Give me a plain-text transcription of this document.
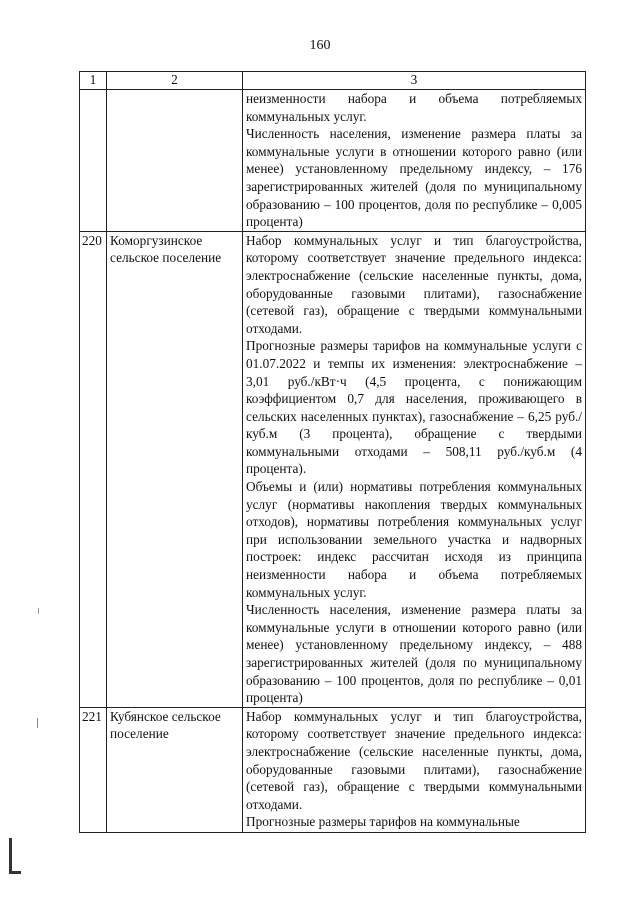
160
1	2	3

		неизменности набора и объема потребляемых коммунальных услуг.
Численность населения, изменение размера платы за коммунальные услуги в отношении которого равно (или менее) установленному предельному индексу, – 176 зарегистрированных жителей (доля по муниципальному образованию – 100 процентов, доля по республике – 0,005 процента)

220	Коморгузинское сельское поселение	Набор коммунальных услуг и тип благоустройства, которому соответствует значение предельного индекса: электроснабжение (сельские населенные пункты, дома, оборудованные газовыми плитами), газоснабжение (сетевой газ), обращение с твердыми коммунальными отходами.
Прогнозные размеры тарифов на коммунальные услуги с 01.07.2022 и темпы их изменения: электроснабжение – 3,01 руб./кВт·ч (4,5 процента, с понижающим коэффициентом 0,7 для населения, проживающего в сельских населенных пунктах), газоснабжение – 6,25 руб./куб.м (3 процента), обращение с твердыми коммунальными отходами – 508,11 руб./куб.м (4 процента).
Объемы и (или) нормативы потребления коммунальных услуг (нормативы накопления твердых коммунальных отходов), нормативы потребления коммунальных услуг при использовании земельного участка и надворных построек: индекс рассчитан исходя из принципа неизменности набора и объема потребляемых коммунальных услуг.
Численность населения, изменение размера платы за коммунальные услуги в отношении которого равно (или менее) установленному предельному индексу, – 488 зарегистрированных жителей (доля по муниципальному образованию – 100 процентов, доля по республике – 0,01 процента)

221	Кубянское сельское поселение	Набор коммунальных услуг и тип благоустройства, которому соответствует значение предельного индекса: электроснабжение (сельские населенные пункты, дома, оборудованные газовыми плитами), газоснабжение (сетевой газ), обращение с твердыми коммунальными отходами.
Прогнозные размеры тарифов на коммунальные
